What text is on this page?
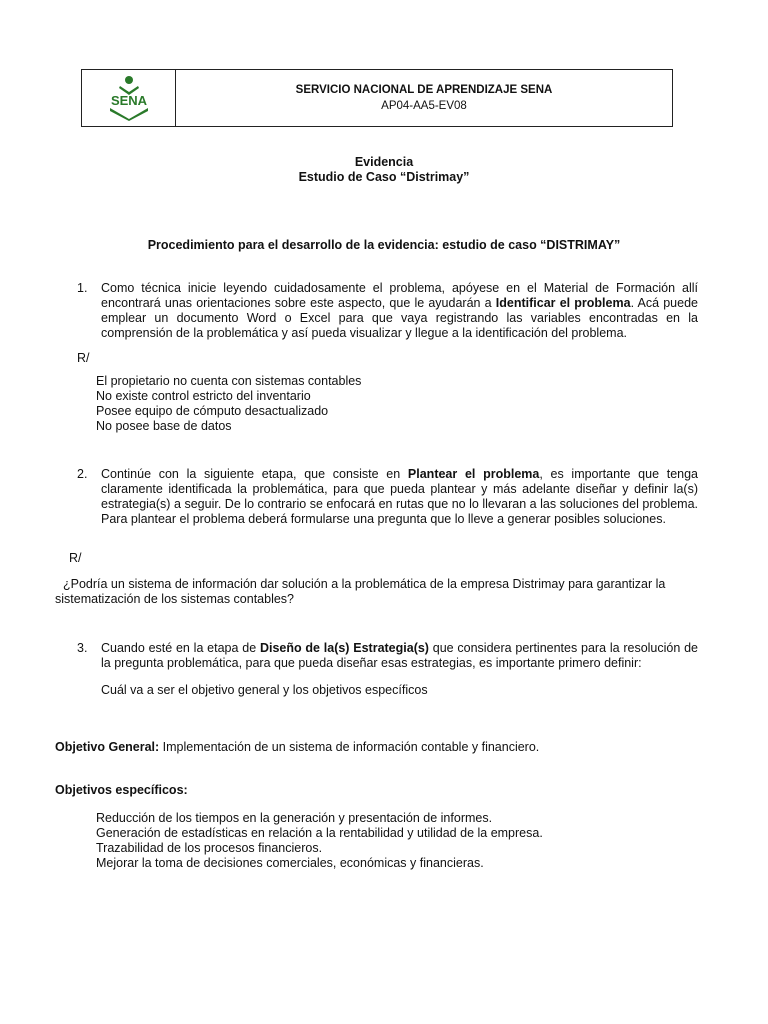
SENA
SERVICIO NACIONAL DE APRENDIZAJE SENA
AP04-AA5-EV08
Evidencia
Estudio de Caso “Distrimay”
Procedimiento para el desarrollo de la evidencia: estudio de caso “DISTRIMAY”
1. Como técnica inicie leyendo cuidadosamente el problema, apóyese en el Material de Formación allí encontrará unas orientaciones sobre este aspecto, que le ayudarán a Identificar el problema. Acá puede emplear un documento Word o Excel para que vaya registrando las variables encontradas en la comprensión de la problemática y así pueda visualizar y llegue a la identificación del problema.
R/
El propietario no cuenta con sistemas contables
No existe control estricto del inventario
Posee equipo de cómputo desactualizado
No posee base de datos
2. Continúe con la siguiente etapa, que consiste en Plantear el problema, es importante que tenga claramente identificada la problemática, para que pueda plantear y más adelante diseñar y definir la(s) estrategia(s) a seguir. De lo contrario se enfocará en rutas que no lo llevaran a las soluciones del problema. Para plantear el problema deberá formularse una pregunta que lo lleve a generar posibles soluciones.
R/
¿Podría un sistema de información dar solución a la problemática de la empresa Distrimay para garantizar la sistematización de los sistemas contables?
3. Cuando esté en la etapa de Diseño de la(s) Estrategia(s) que considera pertinentes para la resolución de la pregunta problemática, para que pueda diseñar esas estrategias, es importante primero definir:
Cuál va a ser el objetivo general y los objetivos específicos
Objetivo General: Implementación de un sistema de información contable y financiero.
Objetivos específicos:
Reducción de los tiempos en la generación y presentación de informes.
Generación de estadísticas en relación a la rentabilidad y utilidad de la empresa.
Trazabilidad de los procesos financieros.
Mejorar la toma de decisiones comerciales, económicas y financieras.
